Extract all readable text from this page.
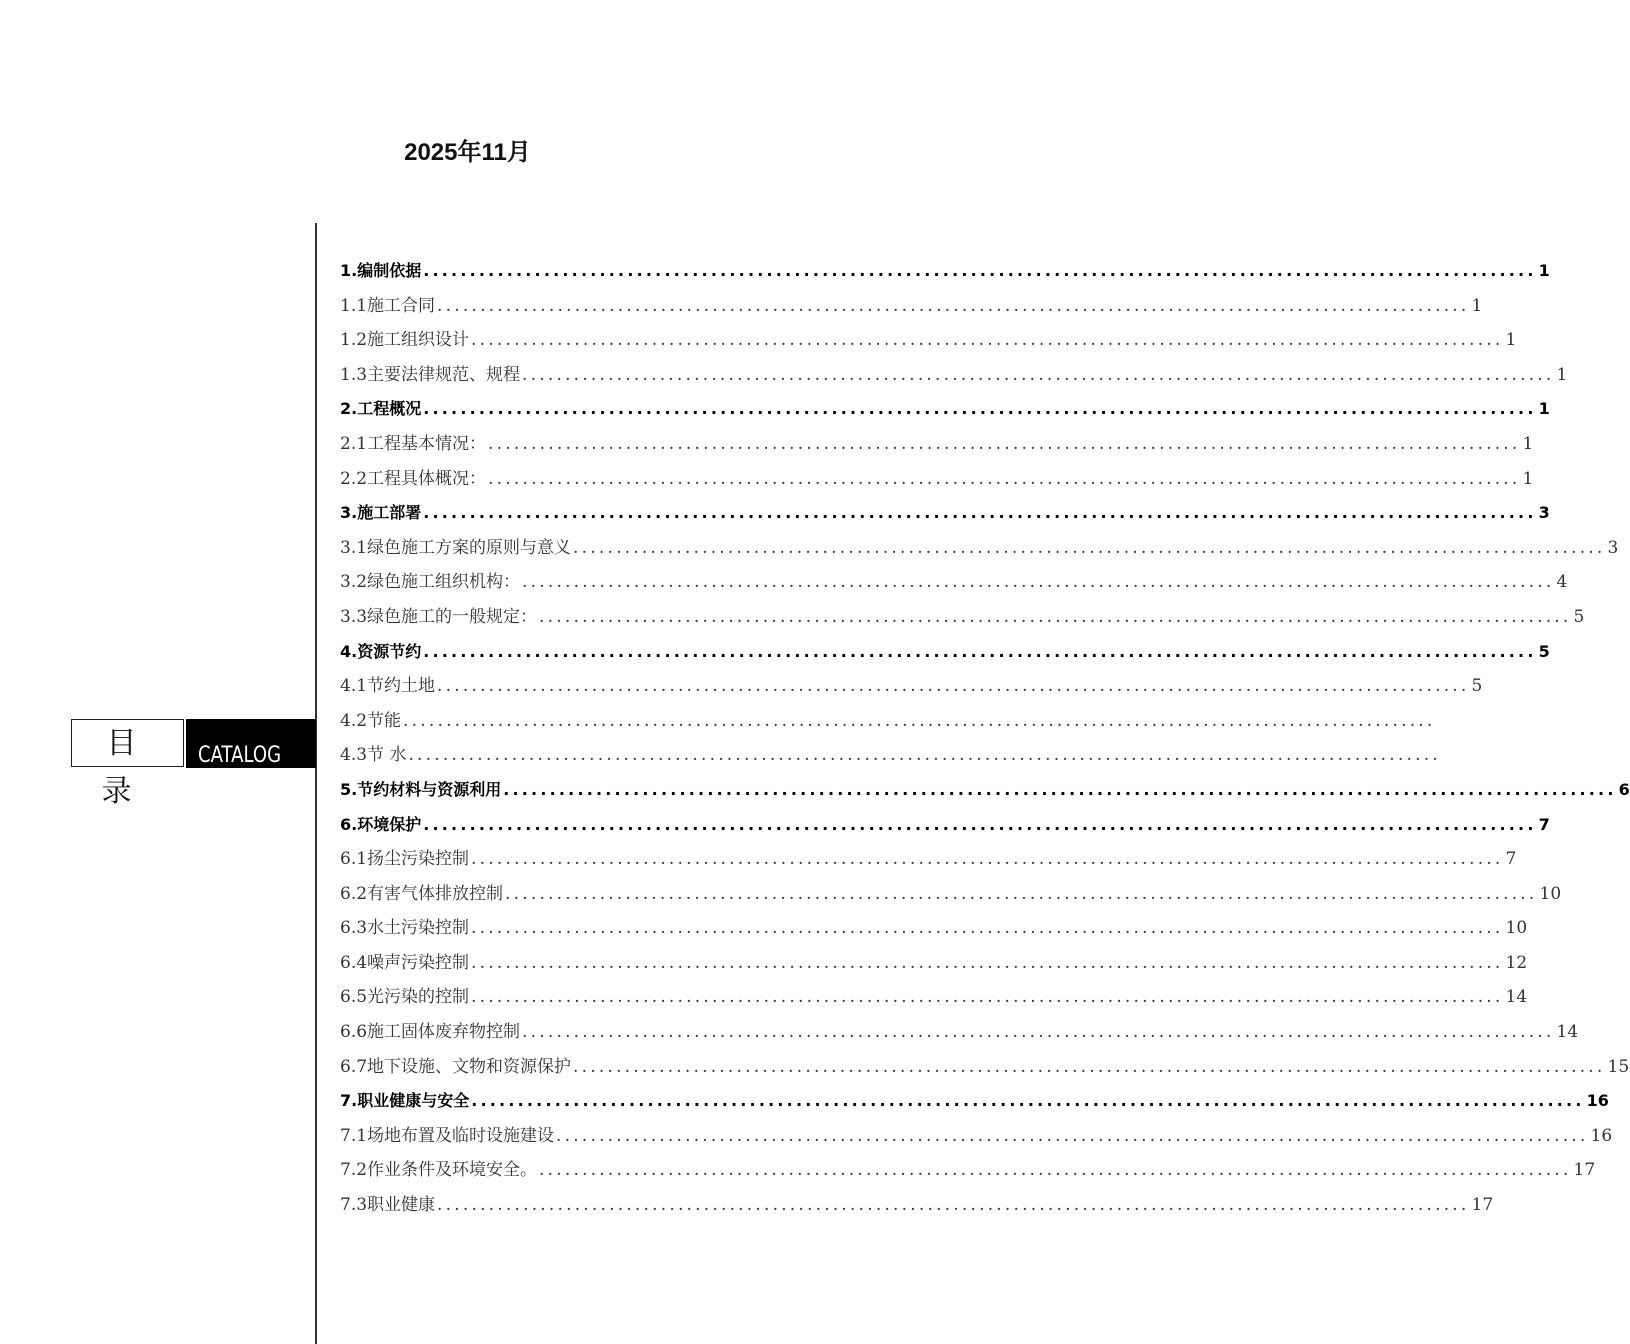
2025年11月
目 录
CATALOG
1.编制依据 ........................................................................................................................ 1
1.1施工合同 ........................................................................................................................ 1
1.2施工组织设计 ........................................................................................................................ 1
1.3主要法律规范、规程 ........................................................................................................................ 1
2.工程概况 ........................................................................................................................ 1
2.1工程基本情况： ........................................................................................................................ 1
2.2工程具体概况： ........................................................................................................................ 1
3.施工部署 ........................................................................................................................ 3
3.1绿色施工方案的原则与意义 ........................................................................................................................ 3
3.2绿色施工组织机构： ........................................................................................................................ 4
3.3绿色施工的一般规定： ........................................................................................................................ 5
4.资源节约 ........................................................................................................................ 5
4.1节约土地 ........................................................................................................................ 5
4.2节能 ........................................................................................................................
4.3节 水 ........................................................................................................................
5.节约材料与资源利用 ........................................................................................................................ 6
6.环境保护 ........................................................................................................................ 7
6.1扬尘污染控制 ........................................................................................................................ 7
6.2有害气体排放控制 ........................................................................................................................ 10
6.3水土污染控制 ........................................................................................................................ 10
6.4噪声污染控制 ........................................................................................................................ 12
6.5光污染的控制 ........................................................................................................................ 14
6.6施工固体废弃物控制 ........................................................................................................................ 14
6.7地下设施、文物和资源保护 ........................................................................................................................ 15
7.职业健康与安全 ........................................................................................................................ 16
7.1场地布置及临时设施建设 ........................................................................................................................ 16
7.2作业条件及环境安全。 ........................................................................................................................ 17
7.3职业健康 ........................................................................................................................ 17
